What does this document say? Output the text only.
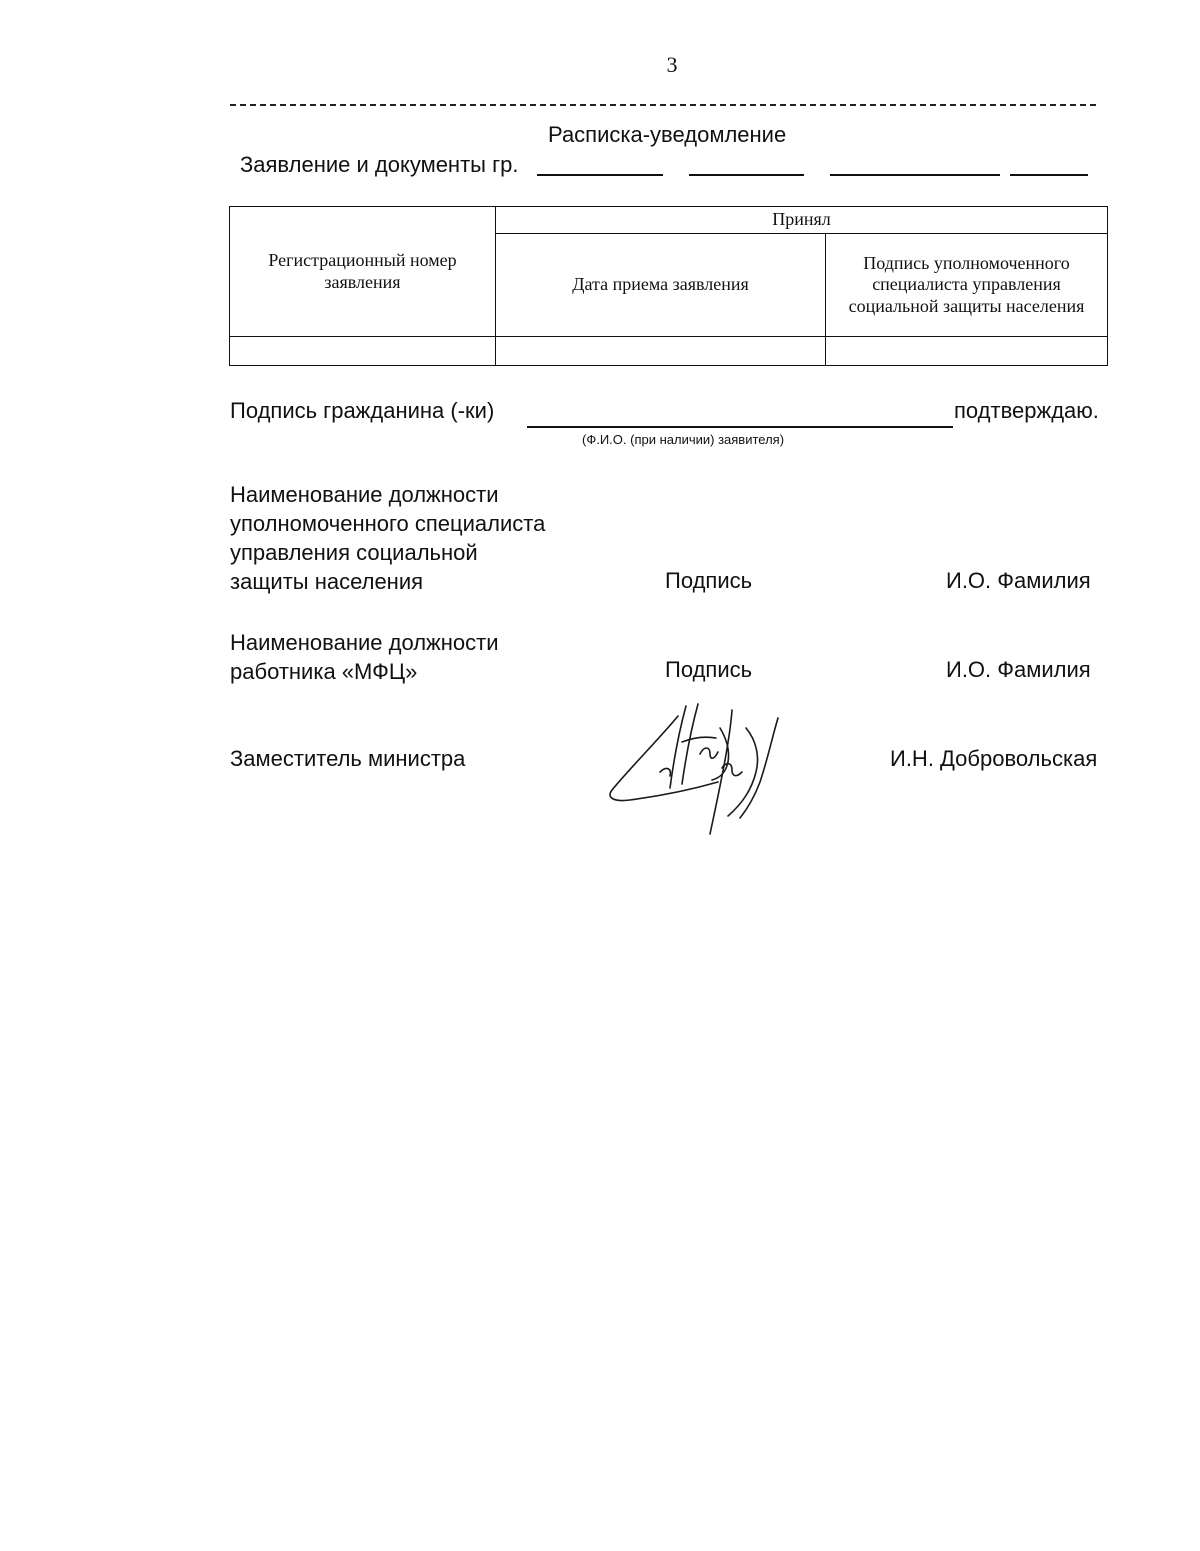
3
Расписка-уведомление
Заявление и документы гр.
Регистрационный номер заявления	Принял	
	Дата приема заявления	Подпись уполномоченного специалиста управления социальной защиты населения

Подпись гражданина (-ки)	подтверждаю.
(Ф.И.О. (при наличии) заявителя)
Наименование должности
уполномоченного специалиста
управления социальной
защиты населения	Подпись	И.О. Фамилия
Наименование должности
работника «МФЦ»	Подпись	И.О. Фамилия
Заместитель министра	И.Н. Добровольская
